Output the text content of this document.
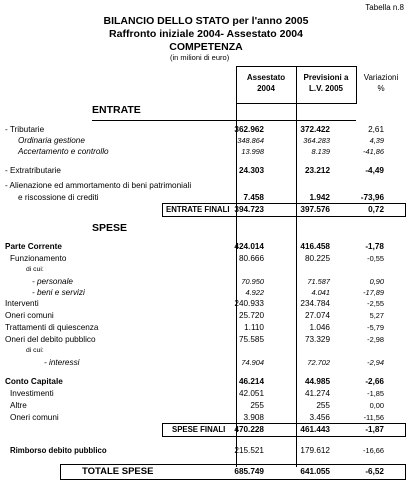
Tabella n.8
BILANCIO DELLO STATO per l'anno 2005
Raffronto iniziale 2004- Assestato 2004
COMPETENZA
(in milioni di euro)
Assestato
2004
Previsioni a
L.V. 2005
Variazioni
%
ENTRATE
- Tributarie	362.962	372.422	2,61
Ordinaria gestione	348.864	364.283	4,39
Accertamento e controllo	13.998	8.139	-41,86
- Extratributarie	24.303	23.212	-4,49
- Alienazione ed ammortamento di beni patrimoniali
e riscossione di crediti	7.458	1.942	-73,96
ENTRATE FINALI 394.723	397.576	0,72
SPESE
Parte Corrente	424.014	416.458	-1,78
Funzionamento	80.666	80.225	-0,55
di cui:
- personale	70.950	71.587	0,90
- beni e servizi	4.922	4.041	-17,89
Interventi	240.933	234.784	-2,55
Oneri comuni	25.720	27.074	5,27
Trattamenti di quiescenza	1.110	1.046	-5,79
Oneri del debito pubblico	75.585	73.329	-2,98
di cui:
- interessi	74.904	72.702	-2,94
Conto Capitale	46.214	44.985	-2,66
Investimenti	42.051	41.274	-1,85
Altre	255	255	0,00
Oneri comuni	3.908	3.456	-11,56
SPESE FINALI 470.228	461.443	-1,87
Rimborso debito pubblico	215.521	179.612	-16,66
TOTALE SPESE	685.749	641.055	-6,52
